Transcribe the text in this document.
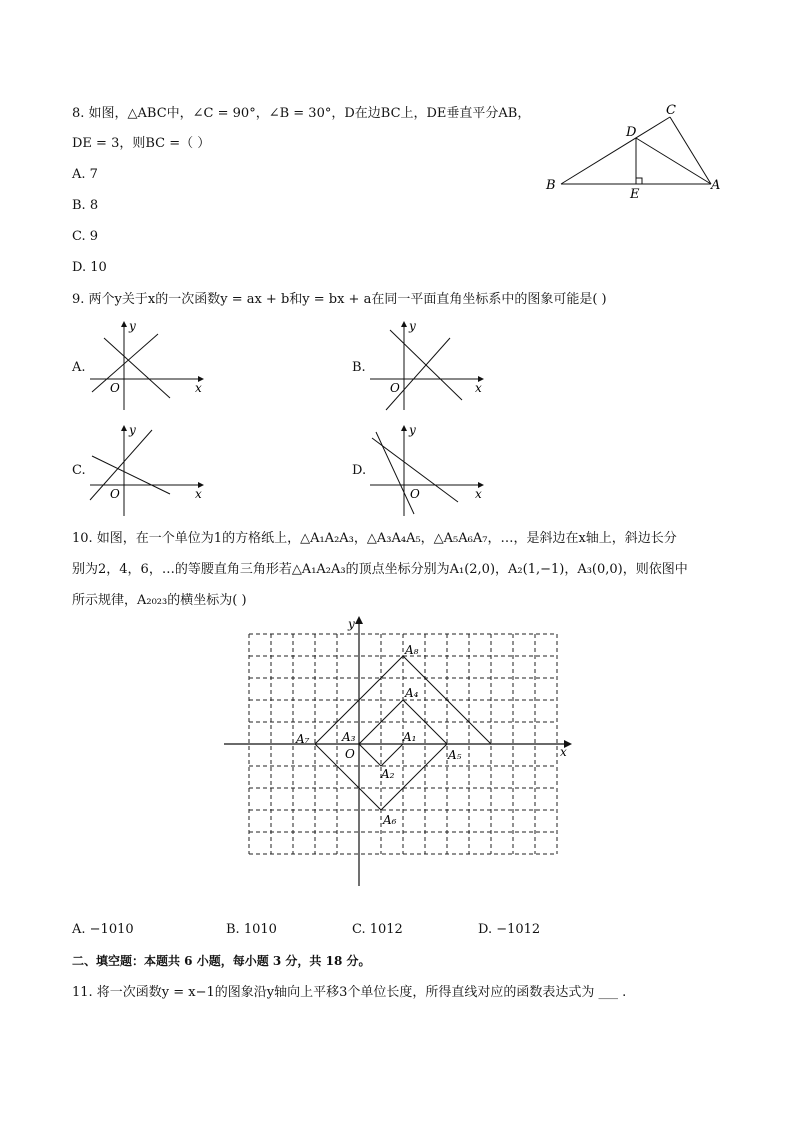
8. 如图，△ABC中，∠C = 90°，∠B = 30°，D在边BC上，DE垂直平分AB，
DE = 3，则BC =（ ）
A. 7
B. 8
C. 9
D. 10
C
D
B	A
E
9. 两个y关于x的一次函数y = ax + b和y = bx + a在同一平面直角坐标系中的图象可能是( )
A.
y
x
O
B.
y
x
O
C.
y
x
O
D.
y
x
O
10. 如图，在一个单位为1的方格纸上，△A₁A₂A₃，△A₃A₄A₅，△A₅A₆A₇，…，是斜边在x轴上，斜边长分
别为2，4，6，…的等腰直角三角形若△A₁A₂A₃的顶点坐标分别为A₁(2,0)，A₂(1,−1)，A₃(0,0)，则依图中
所示规律，A₂₀₂₃的横坐标为( )
y
x
O
A₁
A₂
A₃
A₄
A₅
A₆
A₇
A₈
A. −1010	B. 1010	C. 1012	D. −1012
二、填空题：本题共 6 小题，每小题 3 分，共 18 分。
11. 将一次函数y = x−1的图象沿y轴向上平移3个单位长度，所得直线对应的函数表达式为 ___ .
